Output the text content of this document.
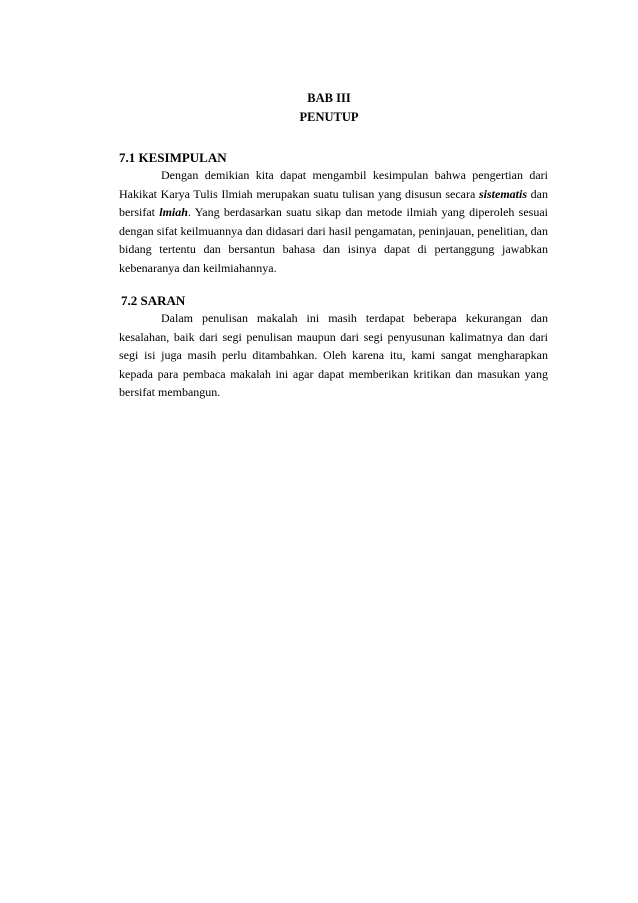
BAB III
PENUTUP

7.1 KESIMPULAN

Dengan demikian kita dapat mengambil kesimpulan bahwa pengertian dari Hakikat Karya Tulis Ilmiah merupakan suatu tulisan yang disusun secara sistematis dan bersifat lmiah. Yang berdasarkan suatu sikap dan metode ilmiah yang diperoleh sesuai dengan sifat keilmuannya dan didasari dari hasil pengamatan, peninjauan, penelitian, dan bidang tertentu dan bersantun bahasa dan isinya dapat di pertanggung jawabkan kebenaranya dan keilmiahannya.

7.2 SARAN

Dalam penulisan makalah ini masih terdapat beberapa kekurangan dan kesalahan, baik dari segi penulisan maupun dari segi penyusunan kalimatnya dan dari segi isi juga masih perlu ditambahkan. Oleh karena itu, kami sangat mengharapkan kepada para pembaca makalah ini agar dapat memberikan kritikan dan masukan yang bersifat membangun.
